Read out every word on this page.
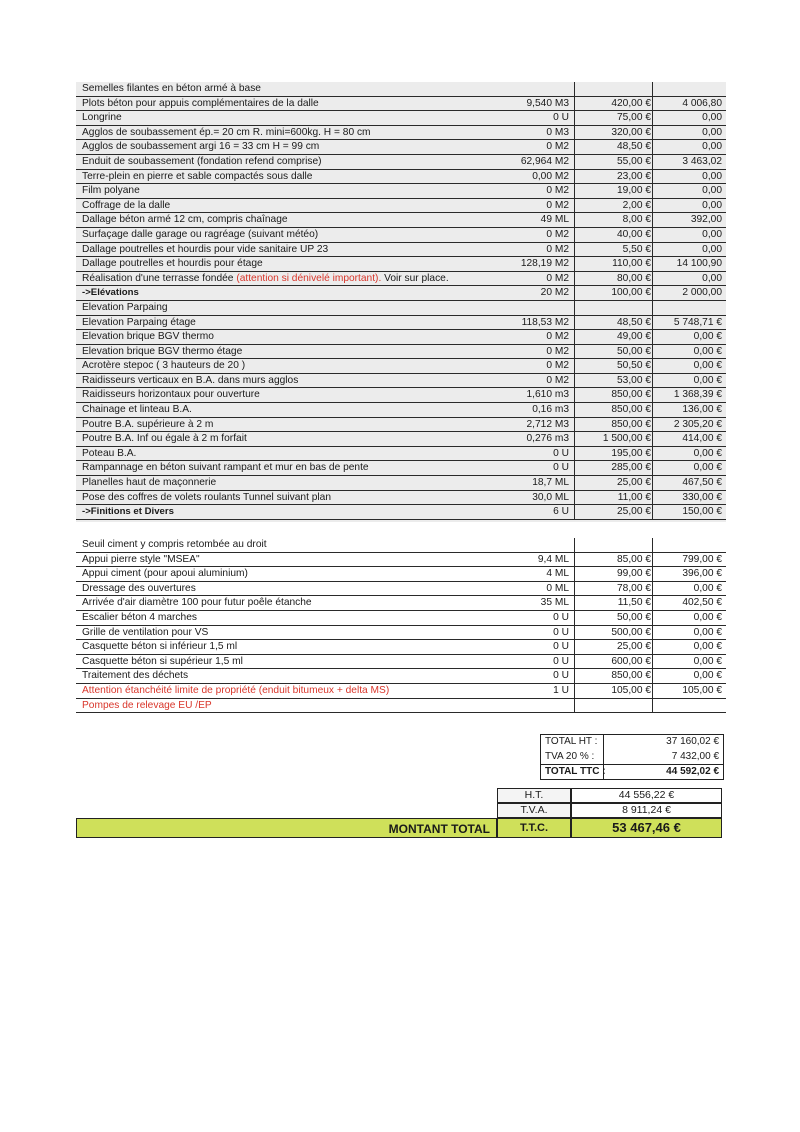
Semelles filantes en béton armé à base
Plots béton pour appuis complémentaires de la dalle	9,540 M3	420,00 €	4 006,80
Longrine	0 U	75,00 €	0,00
Agglos de soubassement ép.= 20 cm R. mini=600kg. H = 80 cm	0 M3	320,00 €	0,00
Agglos de soubassement argi 16 = 33 cm H = 99 cm	0 M2	48,50 €	0,00
Enduit de soubassement (fondation refend comprise)	62,964 M2	55,00 €	3 463,02
Terre-plein en pierre et sable compactés sous dalle	0,00 M2	23,00 €	0,00
Film polyane	0 M2	19,00 €	0,00
Coffrage de la dalle	0 M2	2,00 €	0,00
Dallage béton armé 12 cm, compris chaînage	49 ML	8,00 €	392,00
Surfaçage dalle garage ou ragréage (suivant météo)	0 M2	40,00 €	0,00
Dallage poutrelles et hourdis pour vide sanitaire UP 23	0 M2	5,50 €	0,00
Dallage poutrelles et hourdis pour étage	128,19 M2	110,00 €	14 100,90
Réalisation d'une terrasse fondée (attention si dénivelé important). Voir sur place.	0 M2	80,00 €	0,00
->Elévations	20 M2	100,00 €	2 000,00
Elevation Parpaing
Elevation Parpaing étage	118,53 M2	48,50 €	5 748,71 €
Elevation brique BGV thermo	0 M2	49,00 €	0,00 €
Elevation brique BGV thermo étage	0 M2	50,00 €	0,00 €
Acrotère stepoc ( 3 hauteurs de 20 )	0 M2	50,50 €	0,00 €
Raidisseurs verticaux en B.A. dans murs agglos	0 M2	53,00 €	0,00 €
Raidisseurs horizontaux pour ouverture	1,610 m3	850,00 €	1 368,39 €
Chainage et linteau B.A.	0,16 m3	850,00 €	136,00 €
Poutre B.A. supérieure à 2 m	2,712 M3	850,00 €	2 305,20 €
Poutre B.A. Inf ou égale à 2 m forfait	0,276 m3	1 500,00 €	414,00 €
Poteau B.A.	0 U	195,00 €	0,00 €
Rampannage en béton suivant rampant et mur en bas de pente	0 U	285,00 €	0,00 €
Planelles haut de maçonnerie	18,7 ML	25,00 €	467,50 €
Pose des coffres de volets roulants Tunnel suivant plan	30,0 ML	11,00 €	330,00 €
->Finitions et Divers	6 U	25,00 €	150,00 €
Seuil ciment y compris retombée au droit
Appui pierre style "MSEA"	9,4 ML	85,00 €	799,00 €
Appui ciment (pour apoui aluminium)	4 ML	99,00 €	396,00 €
Dressage des ouvertures	0 ML	78,00 €	0,00 €
Arrivée d'air diamètre 100 pour futur poêle étanche	35 ML	11,50 €	402,50 €
Escalier béton 4 marches	0 U	50,00 €	0,00 €
Grille de ventilation pour VS	0 U	500,00 €	0,00 €
Casquette béton si inférieur 1,5 ml	0 U	25,00 €	0,00 €
Casquette béton si supérieur 1,5 ml	0 U	600,00 €	0,00 €
Traitement des déchets	0 U	850,00 €	0,00 €
Attention étanchéité limite de propriété (enduit bitumeux + delta MS)	1 U	105,00 €	105,00 €
Pompes de relevage EU /EP
TOTAL HT :	37 160,02 €
TVA 20 % :	7 432,00 €
TOTAL TTC :	44 592,02 €
H.T.	44 556,22 €
T.V.A.	8 911,24 €
MONTANT TOTAL	T.T.C.	53 467,46 €
